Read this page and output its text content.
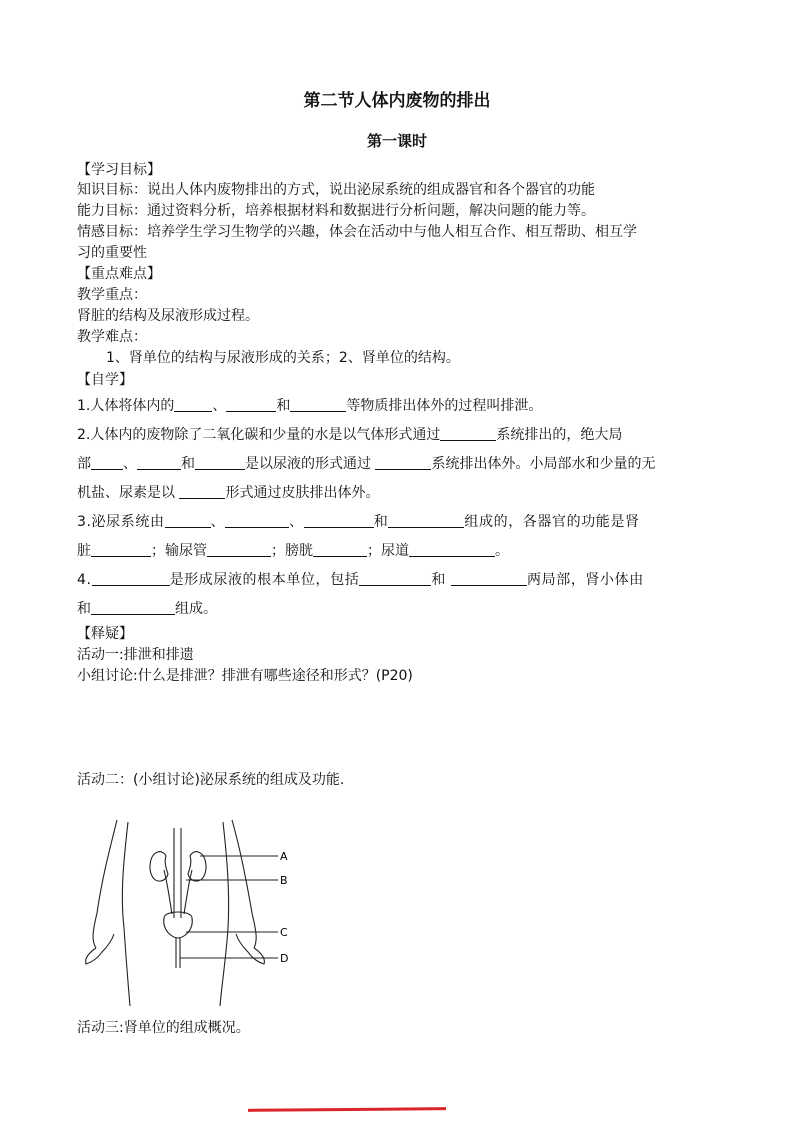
第二节人体内废物的排出
第一课时
【学习目标】
知识目标：说出人体内废物排出的方式，说出泌尿系统的组成器官和各个器官的功能
能力目标：通过资料分析，培养根据材料和数据进行分析问题，解决问题的能力等。
情感目标：培养学生学习生物学的兴趣，体会在活动中与他人相互合作、相互帮助、相互学
习的重要性
【重点难点】
教学重点：
肾脏的结构及尿液形成过程。
教学难点：
1、肾单位的结构与尿液形成的关系；2、肾单位的结构。
【自学】
1.人体将体内的	、	和	等物质排出体外的过程叫排泄。
2.人体内的废物除了二氧化碳和少量的水是以气体形式通过	系统排出的，绝大局
部 、	和	是以尿液的形式通过	系统排出体外。小局部水和少量的无
机盐、尿素是以	形式通过皮肤排出体外。
3.泌尿系统由	、	、	和	组成的，各器官的功能是肾
脏	；输尿管	；膀胱	；尿道	。
4.	是形成尿液的根本单位，包括	和	两局部，肾小体由
和	组成。
【释疑】
活动一:排泄和排遗
小组讨论:什么是排泄？排泄有哪些途径和形式？(P20)
活动二：(小组讨论)泌尿系统的组成及功能.
A
B
C
D
活动三:肾单位的组成概况。
